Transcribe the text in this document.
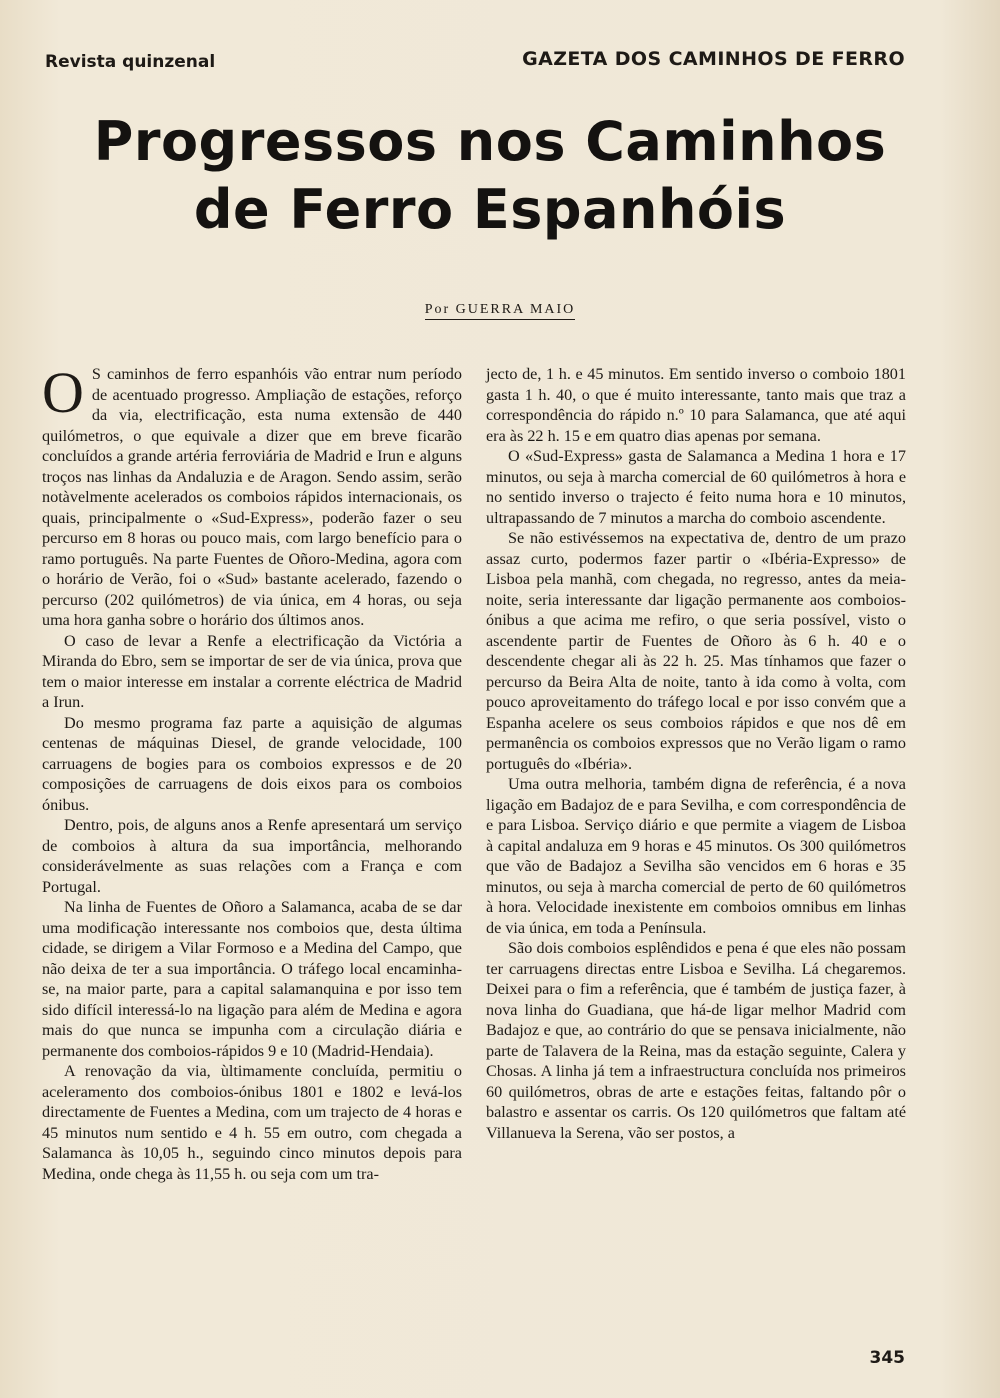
Revista quinzenal	GAZETA DOS CAMINHOS DE FERRO
Progressos nos Caminhos
de Ferro Espanhóis
Por GUERRA MAIO

O S caminhos de ferro espanhóis vão entrar num período de acentuado progresso. Ampliação de estações, reforço da via, electrificação, esta numa extensão de 440 quilómetros, o que equivale a dizer que em breve ficarão concluídos a grande artéria ferroviária de Madrid e Irun e alguns troços nas linhas da Andaluzia e de Aragon. Sendo assim, serão notàvelmente acelerados os comboios rápidos internacionais, os quais, principalmente o «Sud-Express», poderão fazer o seu percurso em 8 horas ou pouco mais, com largo benefício para o ramo português. Na parte Fuentes de Oñoro-Medina, agora com o horário de Verão, foi o «Sud» bastante acelerado, fazendo o percurso (202 quilómetros) de via única, em 4 horas, ou seja uma hora ganha sobre o horário dos últimos anos.

O caso de levar a Renfe a electrificação da Victória a Miranda do Ebro, sem se importar de ser de via única, prova que tem o maior interesse em instalar a corrente eléctrica de Madrid a Irun.

Do mesmo programa faz parte a aquisição de algumas centenas de máquinas Diesel, de grande velocidade, 100 carruagens de bogies para os comboios expressos e de 20 composições de carruagens de dois eixos para os comboios ónibus.

Dentro, pois, de alguns anos a Renfe apresentará um serviço de comboios à altura da sua importância, melhorando considerávelmente as suas relações com a França e com Portugal.

Na linha de Fuentes de Oñoro a Salamanca, acaba de se dar uma modificação interessante nos comboios que, desta última cidade, se dirigem a Vilar Formoso e a Medina del Campo, que não deixa de ter a sua importância. O tráfego local encaminha-se, na maior parte, para a capital salamanquina e por isso tem sido difícil interessá-lo na ligação para além de Medina e agora mais do que nunca se impunha com a circulação diária e permanente dos comboios-rápidos 9 e 10 (Madrid-Hendaia).

A renovação da via, ùltimamente concluída, permitiu o aceleramento dos comboios-ónibus 1801 e 1802 e levá-los directamente de Fuentes a Medina, com um trajecto de 4 horas e 45 minutos num sentido e 4 h. 55 em outro, com chegada a Salamanca às 10,05 h., seguindo cinco minutos depois para Medina, onde chega às 11,55 h. ou seja com um tra-

jecto de, 1 h. e 45 minutos. Em sentido inverso o comboio 1801 gasta 1 h. 40, o que é muito interessante, tanto mais que traz a correspondência do rápido n.º 10 para Salamanca, que até aqui era às 22 h. 15 e em quatro dias apenas por semana.

O «Sud-Express» gasta de Salamanca a Medina 1 hora e 17 minutos, ou seja à marcha comercial de 60 quilómetros à hora e no sentido inverso o trajecto é feito numa hora e 10 minutos, ultrapassando de 7 minutos a marcha do comboio ascendente.

Se não estivéssemos na expectativa de, dentro de um prazo assaz curto, podermos fazer partir o «Ibéria-Expresso» de Lisboa pela manhã, com chegada, no regresso, antes da meia-noite, seria interessante dar ligação permanente aos comboios-ónibus a que acima me refiro, o que seria possível, visto o ascendente partir de Fuentes de Oñoro às 6 h. 40 e o descendente chegar ali às 22 h. 25. Mas tínhamos que fazer o percurso da Beira Alta de noite, tanto à ida como à volta, com pouco aproveitamento do tráfego local e por isso convém que a Espanha acelere os seus comboios rápidos e que nos dê em permanência os comboios expressos que no Verão ligam o ramo português do «Ibéria».

Uma outra melhoria, também digna de referência, é a nova ligação em Badajoz de e para Sevilha, e com correspondência de e para Lisboa. Serviço diário e que permite a viagem de Lisboa à capital andaluza em 9 horas e 45 minutos. Os 300 quilómetros que vão de Badajoz a Sevilha são vencidos em 6 horas e 35 minutos, ou seja à marcha comercial de perto de 60 quilómetros à hora. Velocidade inexistente em comboios omnibus em linhas de via única, em toda a Península.

São dois comboios esplêndidos e pena é que eles não possam ter carruagens directas entre Lisboa e Sevilha. Lá chegaremos. Deixei para o fim a referência, que é também de justiça fazer, à nova linha do Guadiana, que há-de ligar melhor Madrid com Badajoz e que, ao contrário do que se pensava inicialmente, não parte de Talavera de la Reina, mas da estação seguinte, Calera y Chosas. A linha já tem a infraestructura concluída nos primeiros 60 quilómetros, obras de arte e estações feitas, faltando pôr o balastro e assentar os carris. Os 120 quilómetros que faltam até Villanueva la Serena, vão ser postos, a

345
